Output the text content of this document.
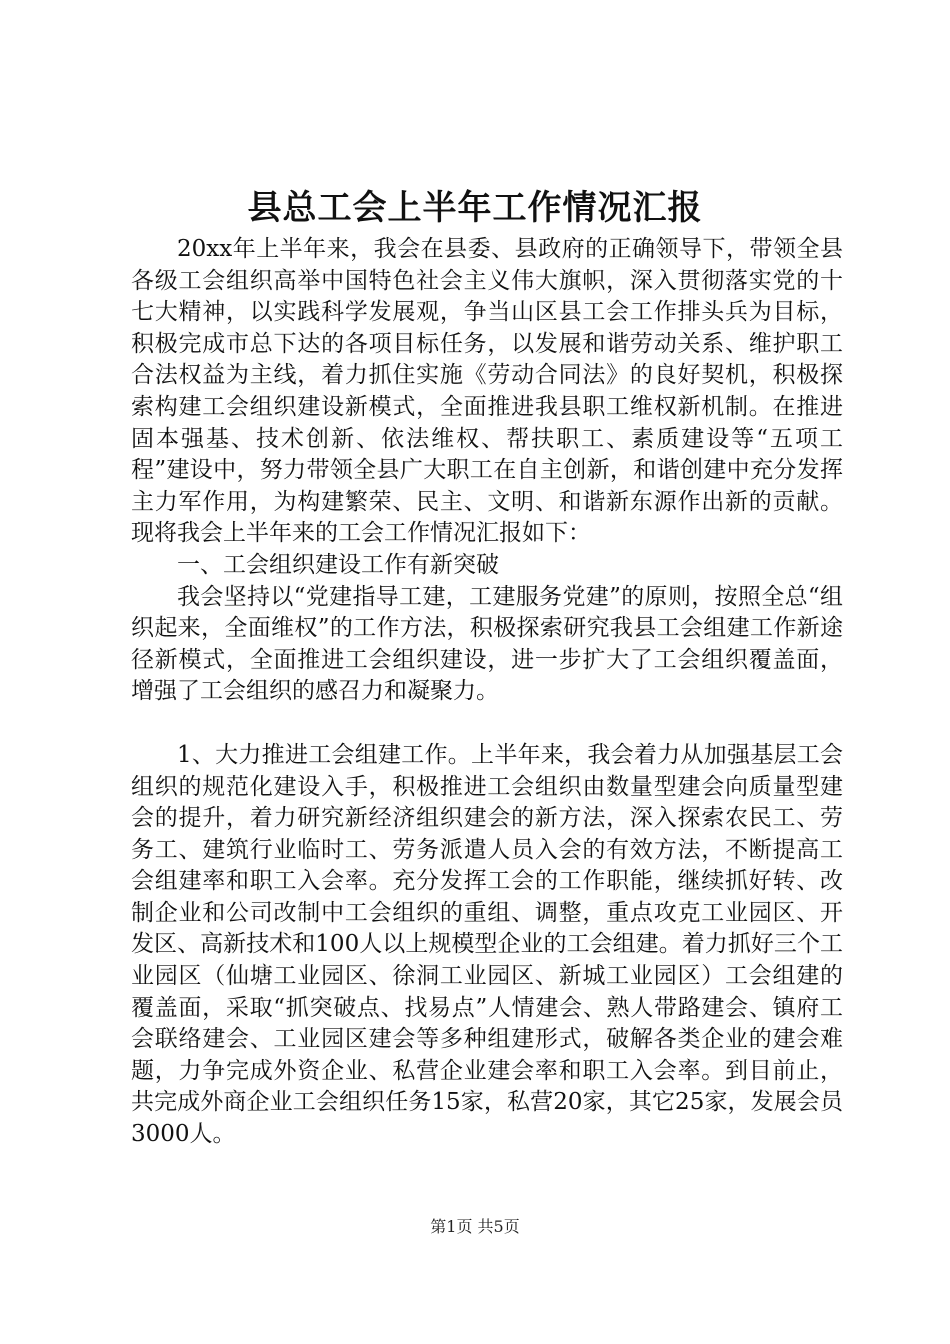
县总工会上半年工作情况汇报

20xx年上半年来，我会在县委、县政府的正确领导下，带领全县各级工会组织高举中国特色社会主义伟大旗帜，深入贯彻落实党的十七大精神，以实践科学发展观，争当山区县工会工作排头兵为目标，积极完成市总下达的各项目标任务，以发展和谐劳动关系、维护职工合法权益为主线，着力抓住实施《劳动合同法》的良好契机，积极探索构建工会组织建设新模式，全面推进我县职工维权新机制。在推进固本强基、技术创新、依法维权、帮扶职工、素质建设等“五项工程”建设中，努力带领全县广大职工在自主创新，和谐创建中充分发挥主力军作用，为构建繁荣、民主、文明、和谐新东源作出新的贡献。现将我会上半年来的工会工作情况汇报如下：

一、工会组织建设工作有新突破

我会坚持以“党建指导工建，工建服务党建”的原则，按照全总“组织起来，全面维权”的工作方法，积极探索研究我县工会组建工作新途径新模式，全面推进工会组织建设，进一步扩大了工会组织覆盖面，增强了工会组织的感召力和凝聚力。

1、大力推进工会组建工作。上半年来，我会着力从加强基层工会组织的规范化建设入手，积极推进工会组织由数量型建会向质量型建会的提升，着力研究新经济组织建会的新方法，深入探索农民工、劳务工、建筑行业临时工、劳务派遣人员入会的有效方法，不断提高工会组建率和职工入会率。充分发挥工会的工作职能，继续抓好转、改制企业和公司改制中工会组织的重组、调整，重点攻克工业园区、开发区、高新技术和100人以上规模型企业的工会组建。着力抓好三个工业园区（仙塘工业园区、徐洞工业园区、新城工业园区）工会组建的覆盖面，采取“抓突破点、找易点”人情建会、熟人带路建会、镇府工会联络建会、工业园区建会等多种组建形式，破解各类企业的建会难题，力争完成外资企业、私营企业建会率和职工入会率。到目前止，共完成外商企业工会组织任务15家，私营20家，其它25家，发展会员3000人。

第1页 共5页
